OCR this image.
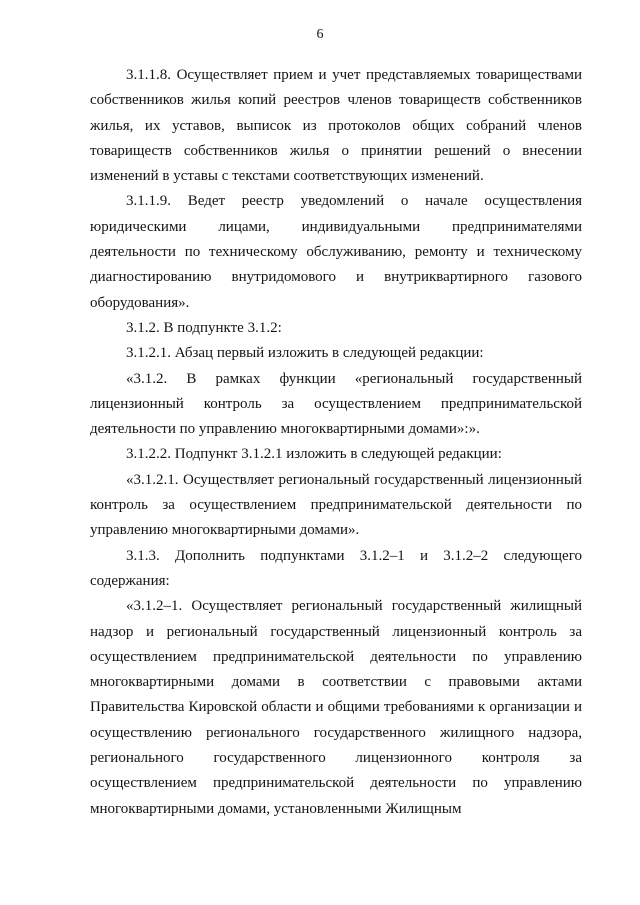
6

3.1.1.8. Осуществляет прием и учет представляемых товариществами собственников жилья копий реестров членов товариществ собственников жилья, их уставов, выписок из протоколов общих собраний членов товариществ собственников жилья о принятии решений о внесении изменений в уставы с текстами соответствующих изменений.

3.1.1.9. Ведет реестр уведомлений о начале осуществления юридическими лицами, индивидуальными предпринимателями деятельности по техническому обслуживанию, ремонту и техническому диагностированию внутридомового и внутриквартирного газового оборудования».

3.1.2. В подпункте 3.1.2:

3.1.2.1. Абзац первый изложить в следующей редакции:

«3.1.2. В рамках функции «региональный государственный лицензионный контроль за осуществлением предпринимательской деятельности по управлению многоквартирными домами»:».

3.1.2.2. Подпункт 3.1.2.1 изложить в следующей редакции:

«3.1.2.1. Осуществляет региональный государственный лицензионный контроль за осуществлением предпринимательской деятельности по управлению многоквартирными домами».

3.1.3. Дополнить подпунктами 3.1.2–1 и 3.1.2–2 следующего содержания:

«3.1.2–1. Осуществляет региональный государственный жилищный надзор и региональный государственный лицензионный контроль за осуществлением предпринимательской деятельности по управлению многоквартирными домами в соответствии с правовыми актами Правительства Кировской области и общими требованиями к организации и осуществлению регионального государственного жилищного надзора, регионального государственного лицензионного контроля за осуществлением предпринимательской деятельности по управлению многоквартирными домами, установленными Жилищным
